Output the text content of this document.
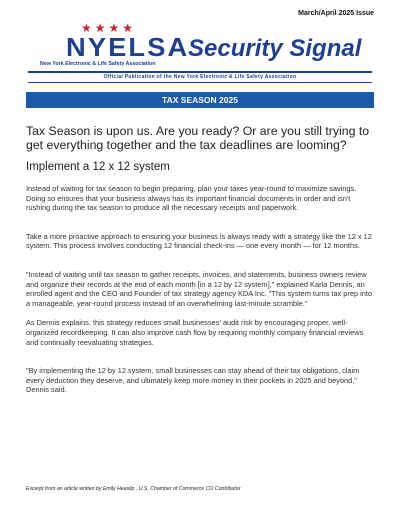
March/April 2025 Issue
★★★★
NYELSA
New York Electronic & Life Safety Association
Security Signal
Official Publication of the New York Electronic & Life Safety Association
TAX SEASON 2025

Tax Season is upon us. Are you ready? Or are you still trying to get everything together and the tax deadlines are looming?

Implement a 12 x 12 system

Instead of waiting for tax season to begin preparing, plan your taxes year-round to maximize savings. Doing so ensures that your business always has its important financial documents in order and isn't rushing during the tax season to produce all the necessary receipts and paperwork.

Take a more proactive approach to ensuring your business is always ready with a strategy like the 12 x 12 system. This process involves conducting 12 financial check-ins — one every month — for 12 months.

"Instead of waiting until tax season to gather receipts, invoices, and statements, business owners review and organize their records at the end of each month [in a 12 by 12 system]," explained Karla Dennis, an enrolled agent and the CEO and Founder of tax strategy agency KDA Inc. "This system turns tax prep into a manageable, year-round process instead of an overwhelming last-minute scramble."

As Dennis explains, this strategy reduces small businesses' audit risk by encouraging proper, well-organized recordkeeping. It can also improve cash flow by requiring monthly company financial reviews and continually reevaluating strategies.

"By implementing the 12 by 12 system, small businesses can stay ahead of their tax obligations, claim every deduction they deserve, and ultimately keep more money in their pockets in 2025 and beyond," Dennis said.

Excerpt from an article written by Emily Heaslip , U.S. Chamber of Commerce CO Contributor
